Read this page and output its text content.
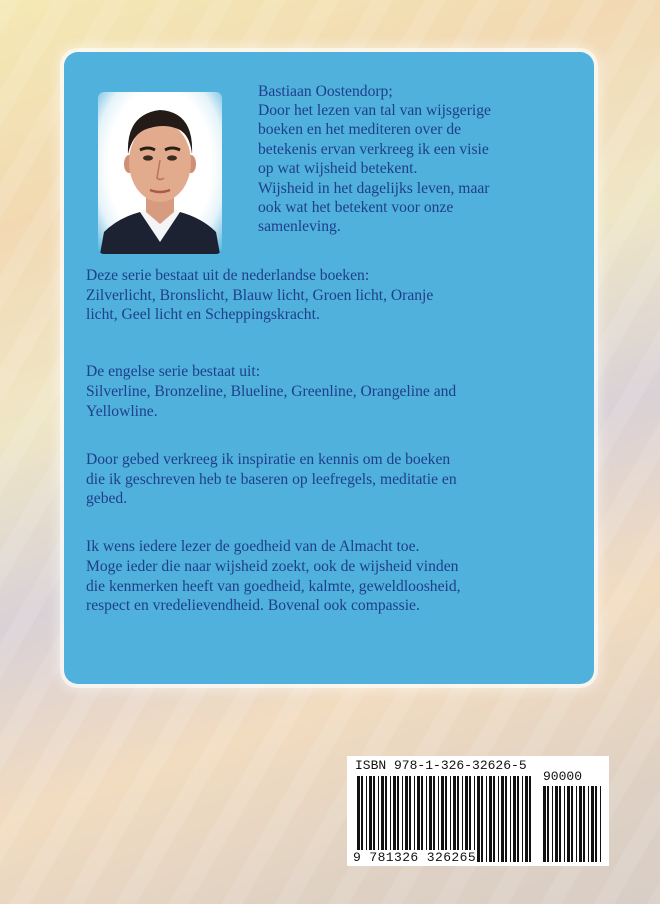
Bastiaan Oostendorp;
Door het lezen van tal van wijsgerige
boeken en het mediteren over de
betekenis ervan verkreeg ik een visie
op wat wijsheid betekent.
Wijsheid in het dagelijks leven, maar
ook wat het betekent voor onze
samenleving.
Deze serie bestaat uit de nederlandse boeken:
Zilverlicht, Bronslicht, Blauw licht, Groen licht, Oranje
licht, Geel licht en Scheppingskracht.
De engelse serie bestaat uit:
Silverline, Bronzeline, Blueline, Greenline, Orangeline and
Yellowline.
Door gebed verkreeg ik inspiratie en kennis om de boeken
die ik geschreven heb te baseren op leefregels, meditatie en
gebed.
Ik wens iedere lezer de goedheid van de Almacht toe.
Moge ieder die naar wijsheid zoekt, ook de wijsheid vinden
die kenmerken heeft van goedheid, kalmte, geweldloosheid,
respect en vredelievendheid. Bovenal ook compassie.
ISBN 978-1-326-32626-5
90000
9 781326 326265
